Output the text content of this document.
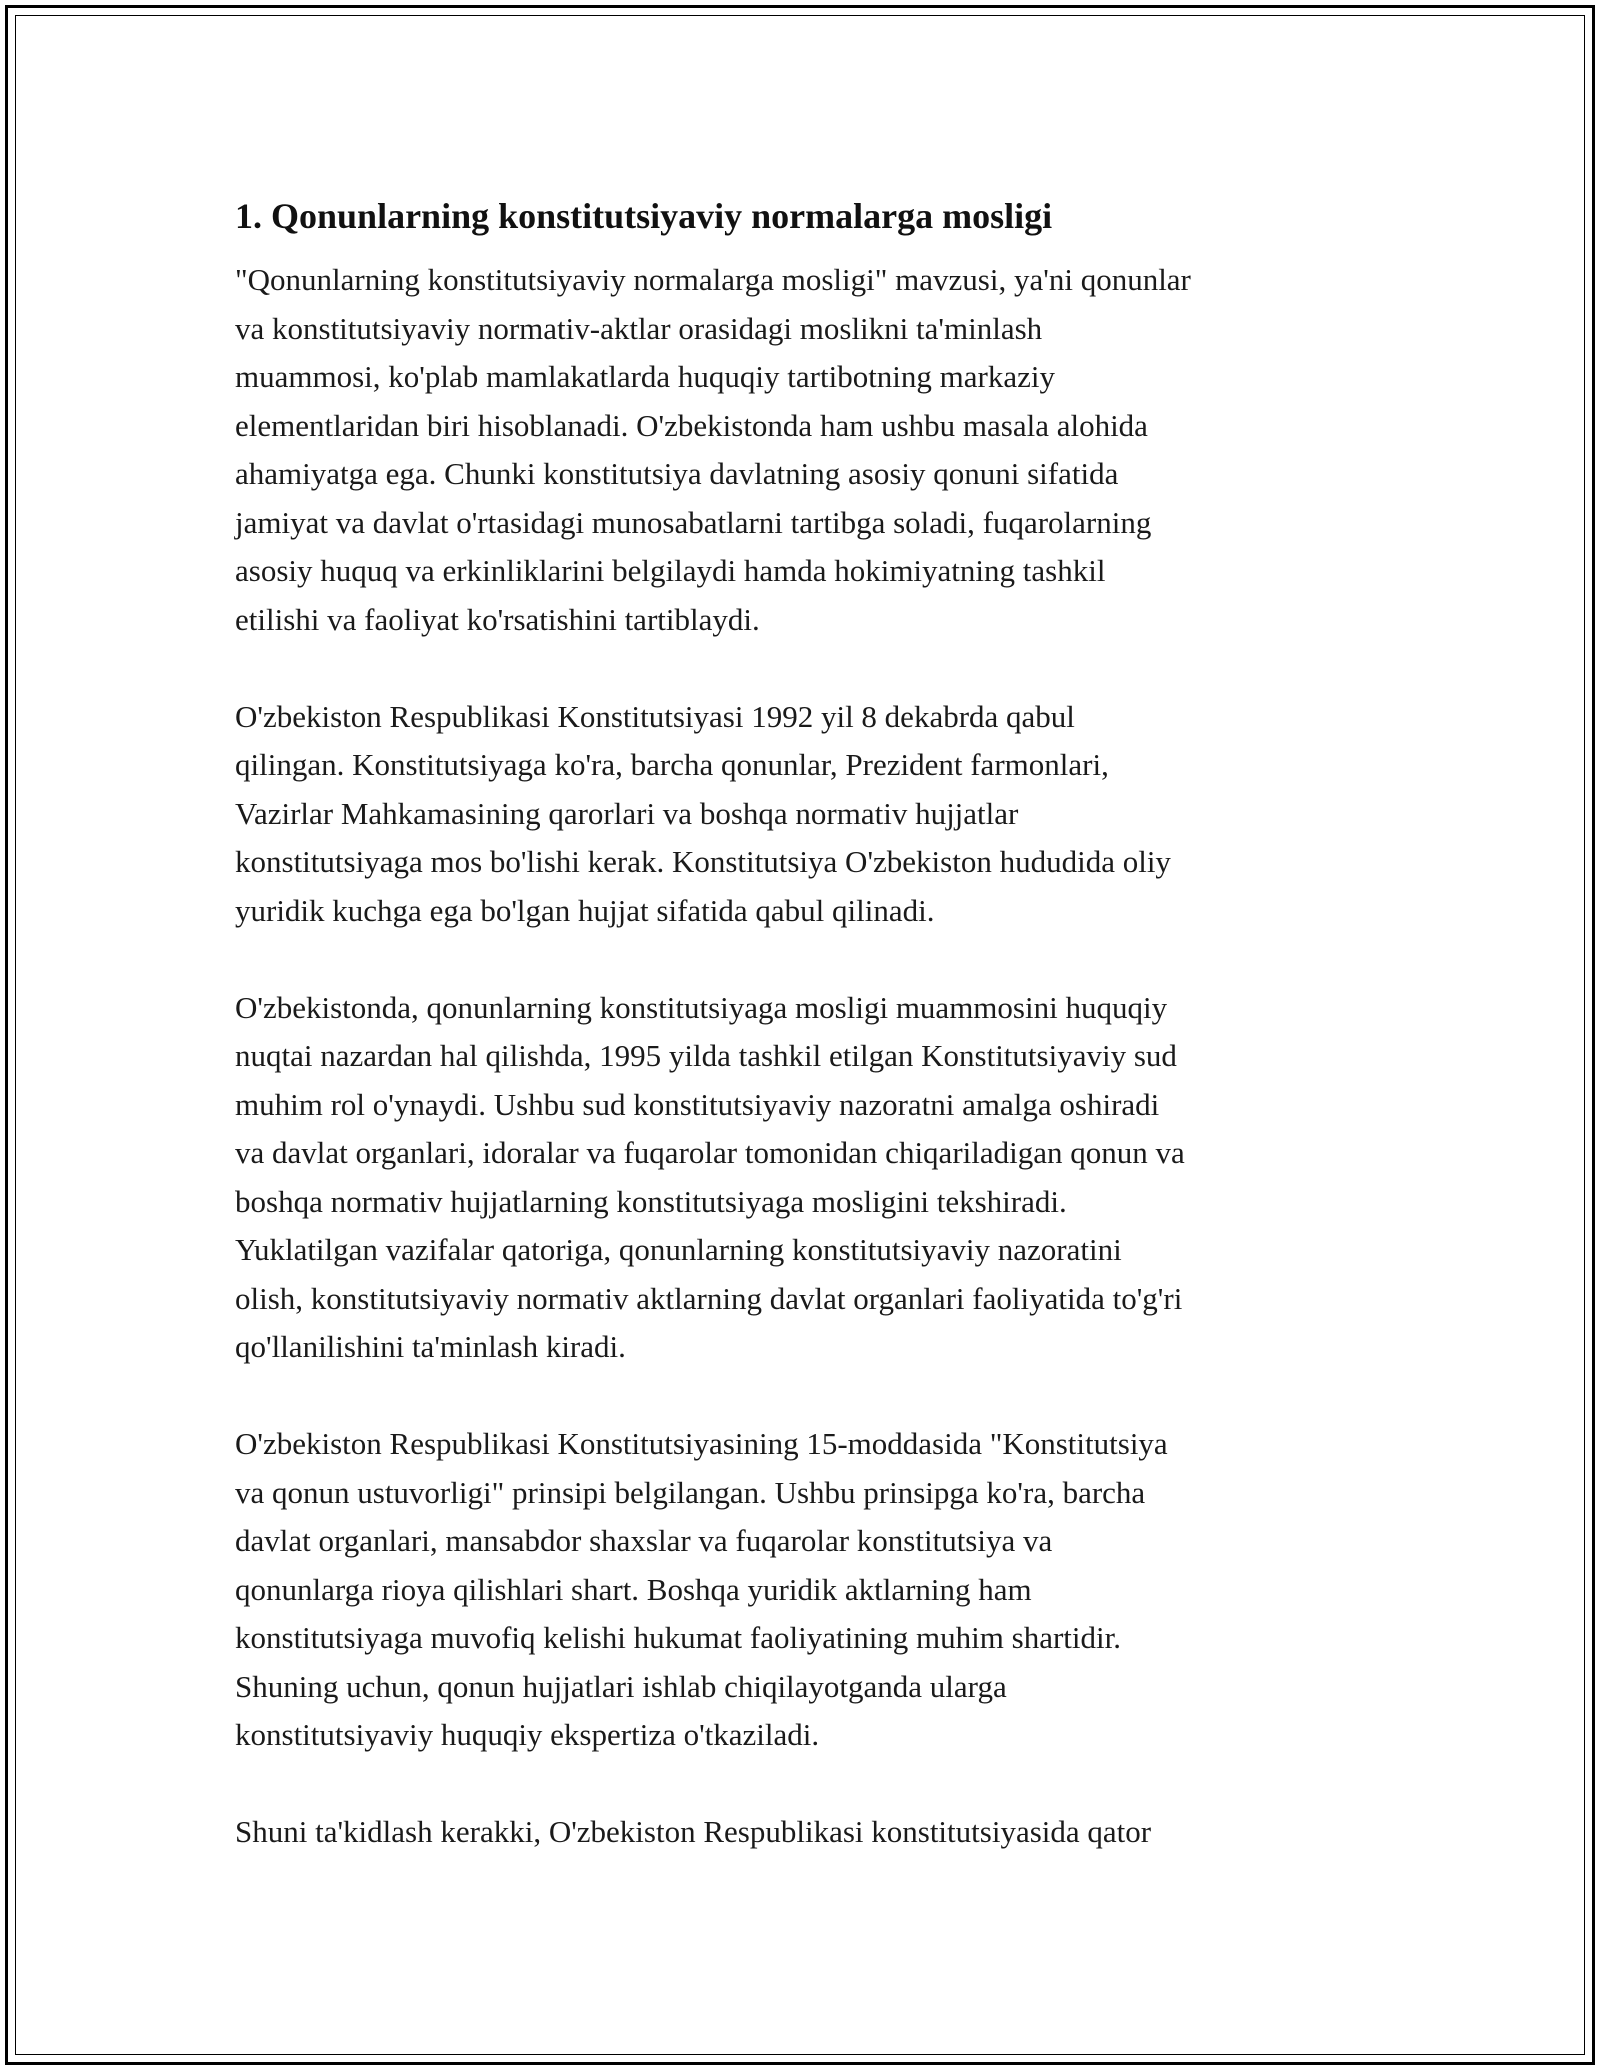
1. Qonunlarning konstitutsiyaviy normalarga mosligi

"Qonunlarning konstitutsiyaviy normalarga mosligi" mavzusi, ya'ni qonunlar
va konstitutsiyaviy normativ-aktlar orasidagi moslikni ta'minlash
muammosi, ko'plab mamlakatlarda huquqiy tartibotning markaziy
elementlaridan biri hisoblanadi. O'zbekistonda ham ushbu masala alohida
ahamiyatga ega. Chunki konstitutsiya davlatning asosiy qonuni sifatida
jamiyat va davlat o'rtasidagi munosabatlarni tartibga soladi, fuqarolarning
asosiy huquq va erkinliklarini belgilaydi hamda hokimiyatning tashkil
etilishi va faoliyat ko'rsatishini tartiblaydi.

O'zbekiston Respublikasi Konstitutsiyasi 1992 yil 8 dekabrda qabul
qilingan. Konstitutsiyaga ko'ra, barcha qonunlar, Prezident farmonlari,
Vazirlar Mahkamasining qarorlari va boshqa normativ hujjatlar
konstitutsiyaga mos bo'lishi kerak. Konstitutsiya O'zbekiston hududida oliy
yuridik kuchga ega bo'lgan hujjat sifatida qabul qilinadi.

O'zbekistonda, qonunlarning konstitutsiyaga mosligi muammosini huquqiy
nuqtai nazardan hal qilishda, 1995 yilda tashkil etilgan Konstitutsiyaviy sud
muhim rol o'ynaydi. Ushbu sud konstitutsiyaviy nazoratni amalga oshiradi
va davlat organlari, idoralar va fuqarolar tomonidan chiqariladigan qonun va
boshqa normativ hujjatlarning konstitutsiyaga mosligini tekshiradi.
Yuklatilgan vazifalar qatoriga, qonunlarning konstitutsiyaviy nazoratini
olish, konstitutsiyaviy normativ aktlarning davlat organlari faoliyatida to'g'ri
qo'llanilishini ta'minlash kiradi.

O'zbekiston Respublikasi Konstitutsiyasining 15-moddasida "Konstitutsiya
va qonun ustuvorligi" prinsipi belgilangan. Ushbu prinsipga ko'ra, barcha
davlat organlari, mansabdor shaxslar va fuqarolar konstitutsiya va
qonunlarga rioya qilishlari shart. Boshqa yuridik aktlarning ham
konstitutsiyaga muvofiq kelishi hukumat faoliyatining muhim shartidir.
Shuning uchun, qonun hujjatlari ishlab chiqilayotganda ularga
konstitutsiyaviy huquqiy ekspertiza o'tkaziladi.

Shuni ta'kidlash kerakki, O'zbekiston Respublikasi konstitutsiyasida qator
